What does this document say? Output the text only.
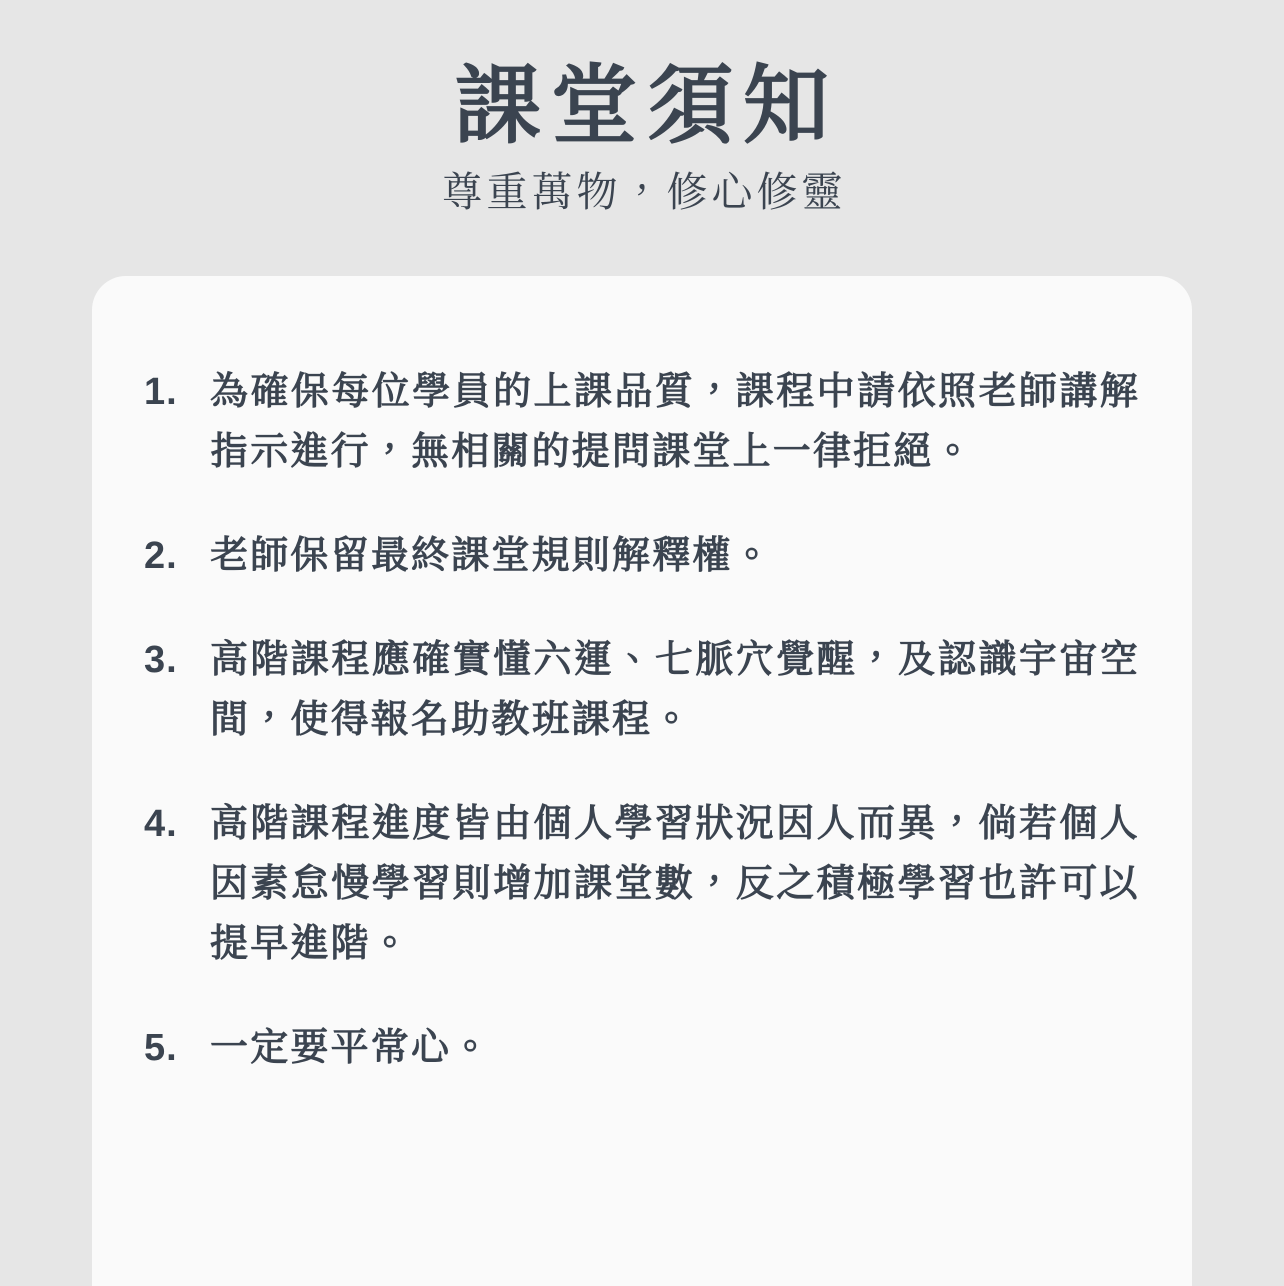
課堂須知
尊重萬物，修心修靈
1. 為確保每位學員的上課品質，課程中請依照老師講解指示進行，無相關的提問課堂上一律拒絕。
2. 老師保留最終課堂規則解釋權。
3. 高階課程應確實懂六運、七脈穴覺醒，及認識宇宙空間，使得報名助教班課程。
4. 高階課程進度皆由個人學習狀況因人而異，倘若個人因素怠慢學習則增加課堂數，反之積極學習也許可以提早進階。
5. 一定要平常心。
